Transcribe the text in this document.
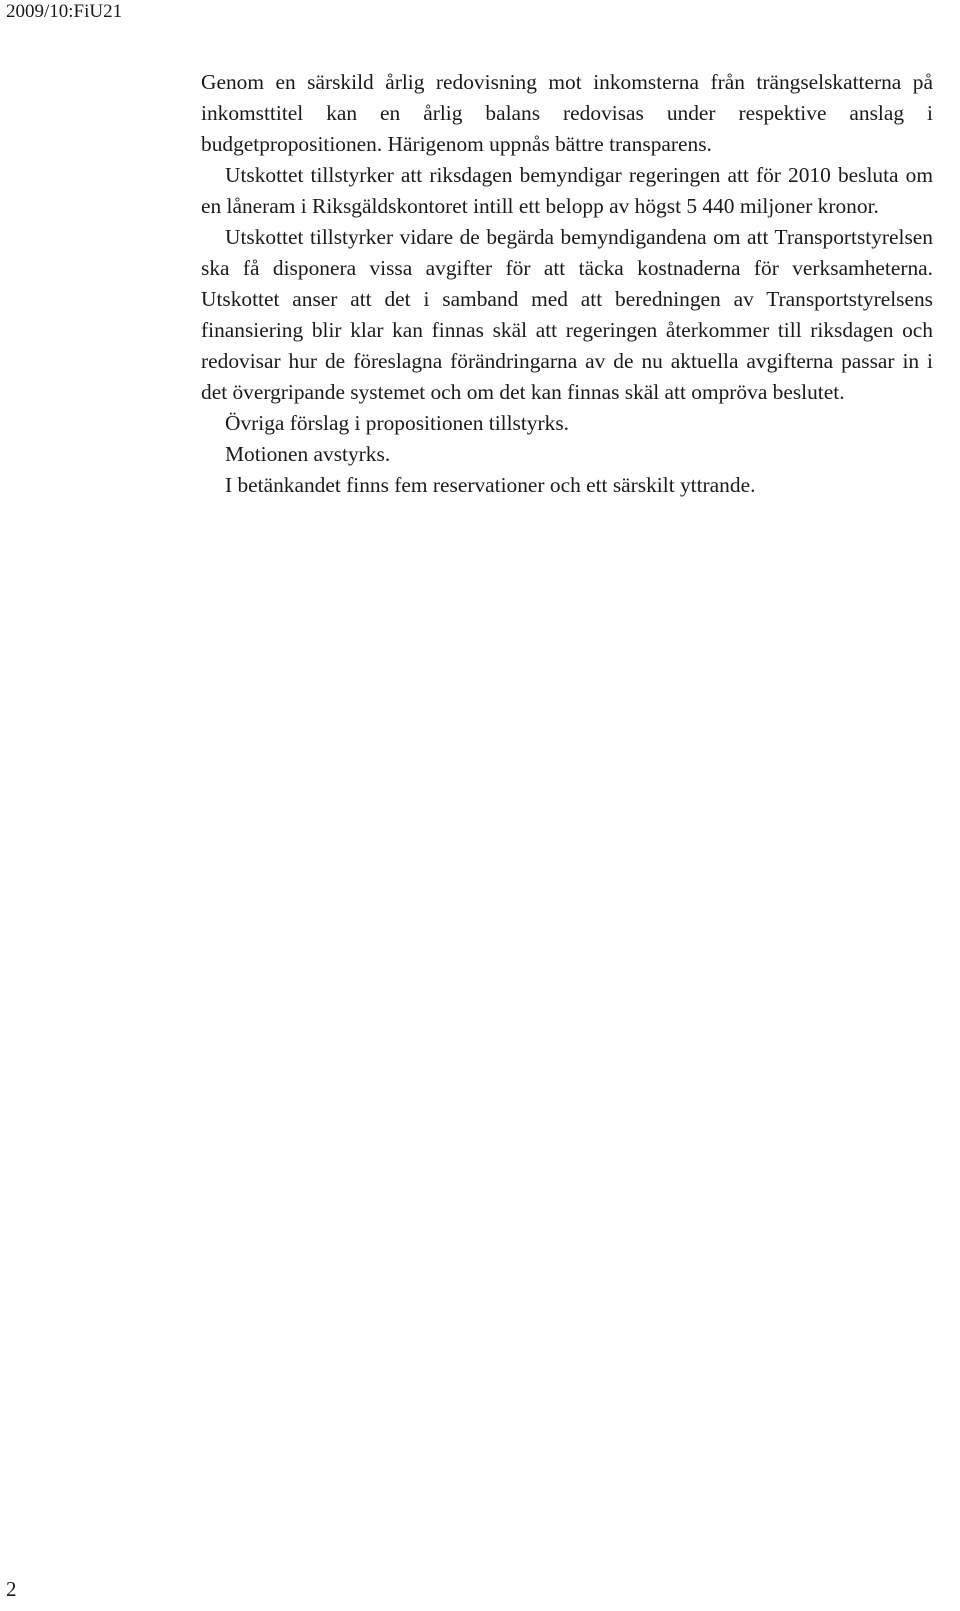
2009/10:FiU21

Genom en särskild årlig redovisning mot inkomsterna från trängselskatterna på inkomsttitel kan en årlig balans redovisas under respektive anslag i budgetpropositionen. Härigenom uppnås bättre transparens.

Utskottet tillstyrker att riksdagen bemyndigar regeringen att för 2010 besluta om en låneram i Riksgäldskontoret intill ett belopp av högst 5 440 miljoner kronor.

Utskottet tillstyrker vidare de begärda bemyndigandena om att Transportstyrelsen ska få disponera vissa avgifter för att täcka kostnaderna för verksamheterna. Utskottet anser att det i samband med att beredningen av Transportstyrelsens finansiering blir klar kan finnas skäl att regeringen återkommer till riksdagen och redovisar hur de föreslagna förändringarna av de nu aktuella avgifterna passar in i det övergripande systemet och om det kan finnas skäl att ompröva beslutet.

Övriga förslag i propositionen tillstyrks.

Motionen avstyrks.

I betänkandet finns fem reservationer och ett särskilt yttrande.

2
